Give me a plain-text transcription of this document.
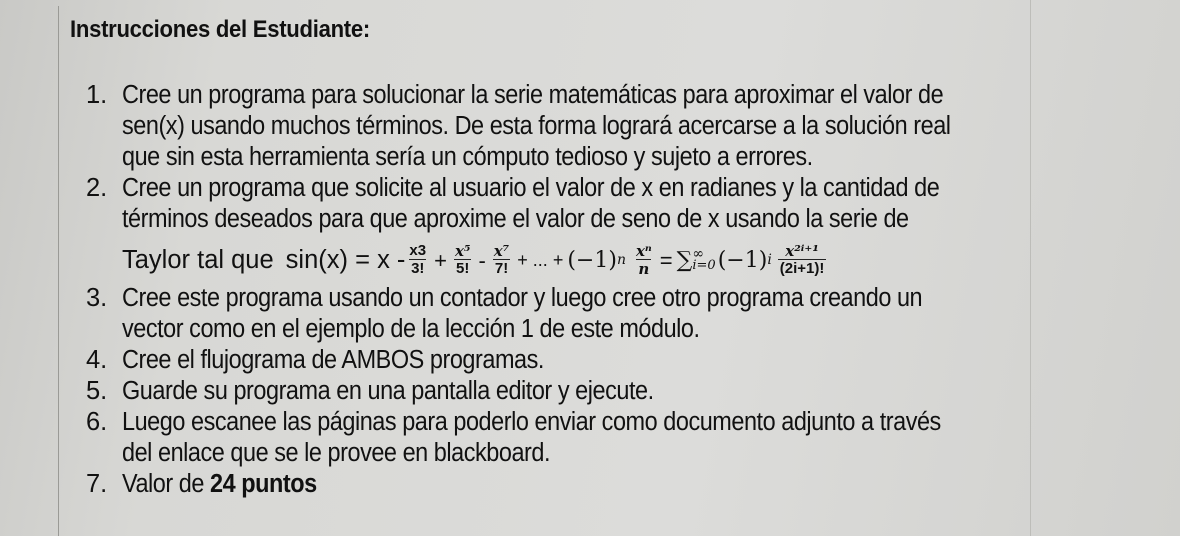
Instrucciones del Estudiante:
1. Cree un programa para solucionar la serie matemáticas para aproximar el valor de
sen(x) usando muchos términos. De esta forma logrará acercarse a la solución real
que sin esta herramienta sería un cómputo tedioso y sujeto a errores.
2. Cree un programa que solicite al usuario el valor de x en radianes y la cantidad de
términos deseados para que aproxime el valor de seno de x usando la serie de
Taylor tal que $\sin(x) = x - \frac{x3}{3!} + \frac{\text{x⁵}}{5!} - \frac{\text{x⁷}}{7!}$ + ... + (−1) n $\frac{\text{xⁿ}}{n}$ = ∑ ∞
i=0 (−1) i $\frac{\text{x²ⁱ⁺¹}}{(2i+1)!}$
3. Cree este programa usando un contador y luego cree otro programa creando un
vector como en el ejemplo de la lección 1 de este módulo.
4. Cree el flujograma de AMBOS programas.
5. Guarde su programa en una pantalla editor y ejecute.
6. Luego escanee las páginas para poderlo enviar como documento adjunto a través
del enlace que se le provee en blackboard.
7. Valor de 24 puntos
